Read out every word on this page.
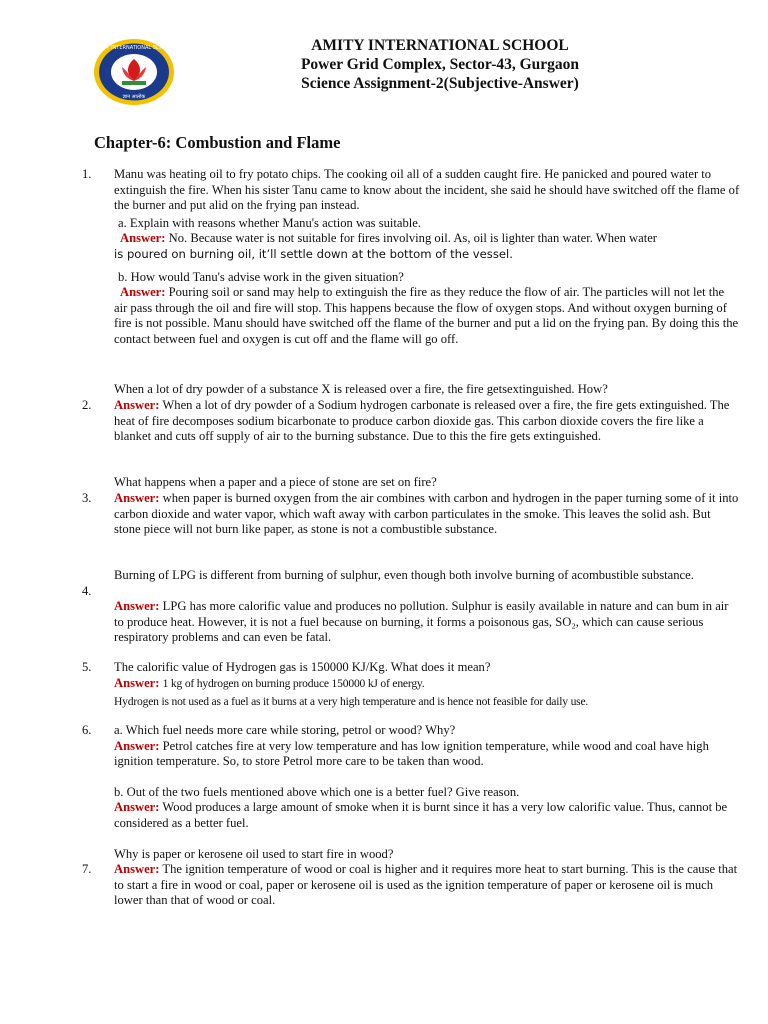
AMITY INTERNATIONAL SCHOOL
ज्ञान आलोक
AMITY INTERNATIONAL SCHOOL
Power Grid Complex, Sector-43, Gurgaon
Science Assignment-2(Subjective-Answer)
Chapter-6: Combustion and Flame
1. Manu was heating oil to fry potato chips. The cooking oil all of a sudden caught fire. He panicked and poured water to extinguish the fire. When his sister Tanu came to know about the incident, she said he should have switched off the flame of the burner and put alid on the frying pan instead.
a. Explain with reasons whether Manu's action was suitable.
Answer: No. Because water is not suitable for fires involving oil. As, oil is lighter than water. When water
is poured on burning oil, it’ll settle down at the bottom of the vessel.
b. How would Tanu's advise work in the given situation?
Answer: Pouring soil or sand may help to extinguish the fire as they reduce the flow of air. The particles will not let the air pass through the oil and fire will stop. This happens because the flow of oxygen stops. And without oxygen burning of fire is not possible. Manu should have switched off the flame of the burner and put a lid on the frying pan. By doing this the contact between fuel and oxygen is cut off and the flame will go off.
When a lot of dry powder of a substance X is released over a fire, the fire getsextinguished. How?
2. Answer: When a lot of dry powder of a Sodium hydrogen carbonate is released over a fire, the fire gets extinguished. The heat of fire decomposes sodium bicarbonate to produce carbon dioxide gas. This carbon dioxide covers the fire like a blanket and cuts off supply of air to the burning substance. Due to this the fire gets extinguished.
What happens when a paper and a piece of stone are set on fire?
3. Answer: when paper is burned oxygen from the air combines with carbon and hydrogen in the paper turning some of it into carbon dioxide and water vapor, which waft away with carbon particulates in the smoke. This leaves the solid ash. But stone piece will not burn like paper, as stone is not a combustible substance.
Burning of LPG is different from burning of sulphur, even though both involve burning of acombustible substance.
4.
Answer: LPG has more calorific value and produces no pollution. Sulphur is easily available in nature and can bum in air to produce heat. However, it is not a fuel because on burning, it forms a poisonous gas, SO₂, which can cause serious respiratory problems and can even be fatal.
5. The calorific value of Hydrogen gas is 150000 KJ/Kg. What does it mean?
Answer: 1 kg of hydrogen on burning produce 150000 kJ of energy.
Hydrogen is not used as a fuel as it burns at a very high temperature and is hence not feasible for daily use.
6. a. Which fuel needs more care while storing, petrol or wood? Why?
Answer: Petrol catches fire at very low temperature and has low ignition temperature, while wood and coal have high ignition temperature. So, to store Petrol more care to be taken than wood.
b. Out of the two fuels mentioned above which one is a better fuel? Give reason.
Answer: Wood produces a large amount of smoke when it is burnt since it has a very low calorific value. Thus, cannot be considered as a better fuel.
Why is paper or kerosene oil used to start fire in wood?
7. Answer: The ignition temperature of wood or coal is higher and it requires more heat to start burning. This is the cause that to start a fire in wood or coal, paper or kerosene oil is used as the ignition temperature of paper or kerosene oil is much lower than that of wood or coal.
